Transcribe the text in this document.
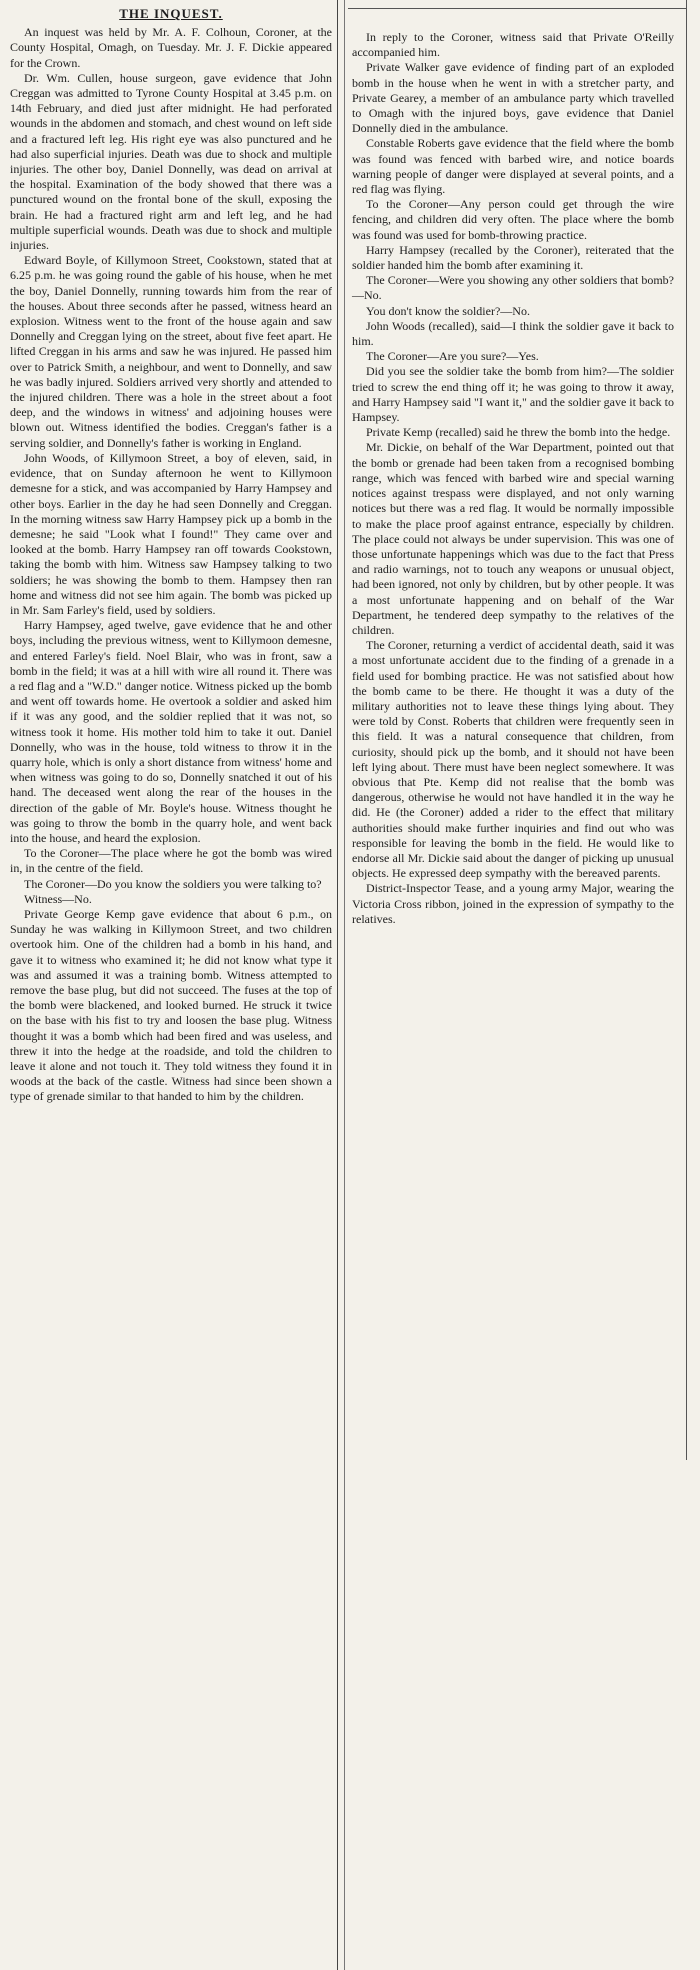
THE INQUEST.

An inquest was held by Mr. A. F. Colhoun, Coroner, at the County Hospital, Omagh, on Tuesday. Mr. J. F. Dickie appeared for the Crown.

Dr. Wm. Cullen, house surgeon, gave evidence that John Creggan was admitted to Tyrone County Hospital at 3.45 p.m. on 14th February, and died just after midnight. He had perforated wounds in the abdomen and stomach, and chest wound on left side and a fractured left leg. His right eye was also punctured and he had also superficial injuries. Death was due to shock and multiple injuries. The other boy, Daniel Donnelly, was dead on arrival at the hospital. Examination of the body showed that there was a punctured wound on the frontal bone of the skull, exposing the brain. He had a fractured right arm and left leg, and he had multiple superficial wounds. Death was due to shock and multiple injuries.

Edward Boyle, of Killymoon Street, Cookstown, stated that at 6.25 p.m. he was going round the gable of his house, when he met the boy, Daniel Donnelly, running towards him from the rear of the houses. About three seconds after he passed, witness heard an explosion. Witness went to the front of the house again and saw Donnelly and Creggan lying on the street, about five feet apart. He lifted Creggan in his arms and saw he was injured. He passed him over to Patrick Smith, a neighbour, and went to Donnelly, and saw he was badly injured. Soldiers arrived very shortly and attended to the injured children. There was a hole in the street about a foot deep, and the windows in witness' and adjoining houses were blown out. Witness identified the bodies. Creggan's father is a serving soldier, and Donnelly's father is working in England.

John Woods, of Killymoon Street, a boy of eleven, said, in evidence, that on Sunday afternoon he went to Killymoon demesne for a stick, and was accompanied by Harry Hampsey and other boys. Earlier in the day he had seen Donnelly and Creggan. In the morning witness saw Harry Hampsey pick up a bomb in the demesne; he said "Look what I found!" They came over and looked at the bomb. Harry Hampsey ran off towards Cookstown, taking the bomb with him. Witness saw Hampsey talking to two soldiers; he was showing the bomb to them. Hampsey then ran home and witness did not see him again. The bomb was picked up in Mr. Sam Farley's field, used by soldiers.

Harry Hampsey, aged twelve, gave evidence that he and other boys, including the previous witness, went to Killymoon demesne, and entered Farley's field. Noel Blair, who was in front, saw a bomb in the field; it was at a hill with wire all round it. There was a red flag and a "W.D." danger notice. Witness picked up the bomb and went off towards home. He overtook a soldier and asked him if it was any good, and the soldier replied that it was not, so witness took it home. His mother told him to take it out. Daniel Donnelly, who was in the house, told witness to throw it in the quarry hole, which is only a short distance from witness' home and when witness was going to do so, Donnelly snatched it out of his hand. The deceased went along the rear of the houses in the direction of the gable of Mr. Boyle's house. Witness thought he was going to throw the bomb in the quarry hole, and went back into the house, and heard the explosion.

To the Coroner—The place where he got the bomb was wired in, in the centre of the field.

The Coroner—Do you know the soldiers you were talking to?

Witness—No.

Private George Kemp gave evidence that about 6 p.m., on Sunday he was walking in Killymoon Street, and two children overtook him. One of the children had a bomb in his hand, and gave it to witness who examined it; he did not know what type it was and assumed it was a training bomb. Witness attempted to remove the base plug, but did not succeed. The fuses at the top of the bomb were blackened, and looked burned. He struck it twice on the base with his fist to try and loosen the base plug. Witness thought it was a bomb which had been fired and was useless, and threw it into the hedge at the roadside, and told the children to leave it alone and not touch it. They told witness they found it in woods at the back of the castle. Witness had since been shown a type of grenade similar to that handed to him by the children.

In reply to the Coroner, witness said that Private O'Reilly accompanied him.

Private Walker gave evidence of finding part of an exploded bomb in the house when he went in with a stretcher party, and Private Gearey, a member of an ambulance party which travelled to Omagh with the injured boys, gave evidence that Daniel Donnelly died in the ambulance.

Constable Roberts gave evidence that the field where the bomb was found was fenced with barbed wire, and notice boards warning people of danger were displayed at several points, and a red flag was flying.

To the Coroner—Any person could get through the wire fencing, and children did very often. The place where the bomb was found was used for bomb-throwing practice.

Harry Hampsey (recalled by the Coroner), reiterated that the soldier handed him the bomb after examining it.

The Coroner—Were you showing any other soldiers that bomb?—No.

You don't know the soldier?—No.

John Woods (recalled), said—I think the soldier gave it back to him.

The Coroner—Are you sure?—Yes.

Did you see the soldier take the bomb from him?—The soldier tried to screw the end thing off it; he was going to throw it away, and Harry Hampsey said "I want it," and the soldier gave it back to Hampsey.

Private Kemp (recalled) said he threw the bomb into the hedge.

Mr. Dickie, on behalf of the War Department, pointed out that the bomb or grenade had been taken from a recognised bombing range, which was fenced with barbed wire and special warning notices against trespass were displayed, and not only warning notices but there was a red flag. It would be normally impossible to make the place proof against entrance, especially by children. The place could not always be under supervision. This was one of those unfortunate happenings which was due to the fact that Press and radio warnings, not to touch any weapons or unusual object, had been ignored, not only by children, but by other people. It was a most unfortunate happening and on behalf of the War Department, he tendered deep sympathy to the relatives of the children.

The Coroner, returning a verdict of accidental death, said it was a most unfortunate accident due to the finding of a grenade in a field used for bombing practice. He was not satisfied about how the bomb came to be there. He thought it was a duty of the military authorities not to leave these things lying about. They were told by Const. Roberts that children were frequently seen in this field. It was a natural consequence that children, from curiosity, should pick up the bomb, and it should not have been left lying about. There must have been neglect somewhere. It was obvious that Pte. Kemp did not realise that the bomb was dangerous, otherwise he would not have handled it in the way he did. He (the Coroner) added a rider to the effect that military authorities should make further inquiries and find out who was responsible for leaving the bomb in the field. He would like to endorse all Mr. Dickie said about the danger of picking up unusual objects. He expressed deep sympathy with the bereaved parents.

District-Inspector Tease, and a young army Major, wearing the Victoria Cross ribbon, joined in the expression of sympathy to the relatives.
